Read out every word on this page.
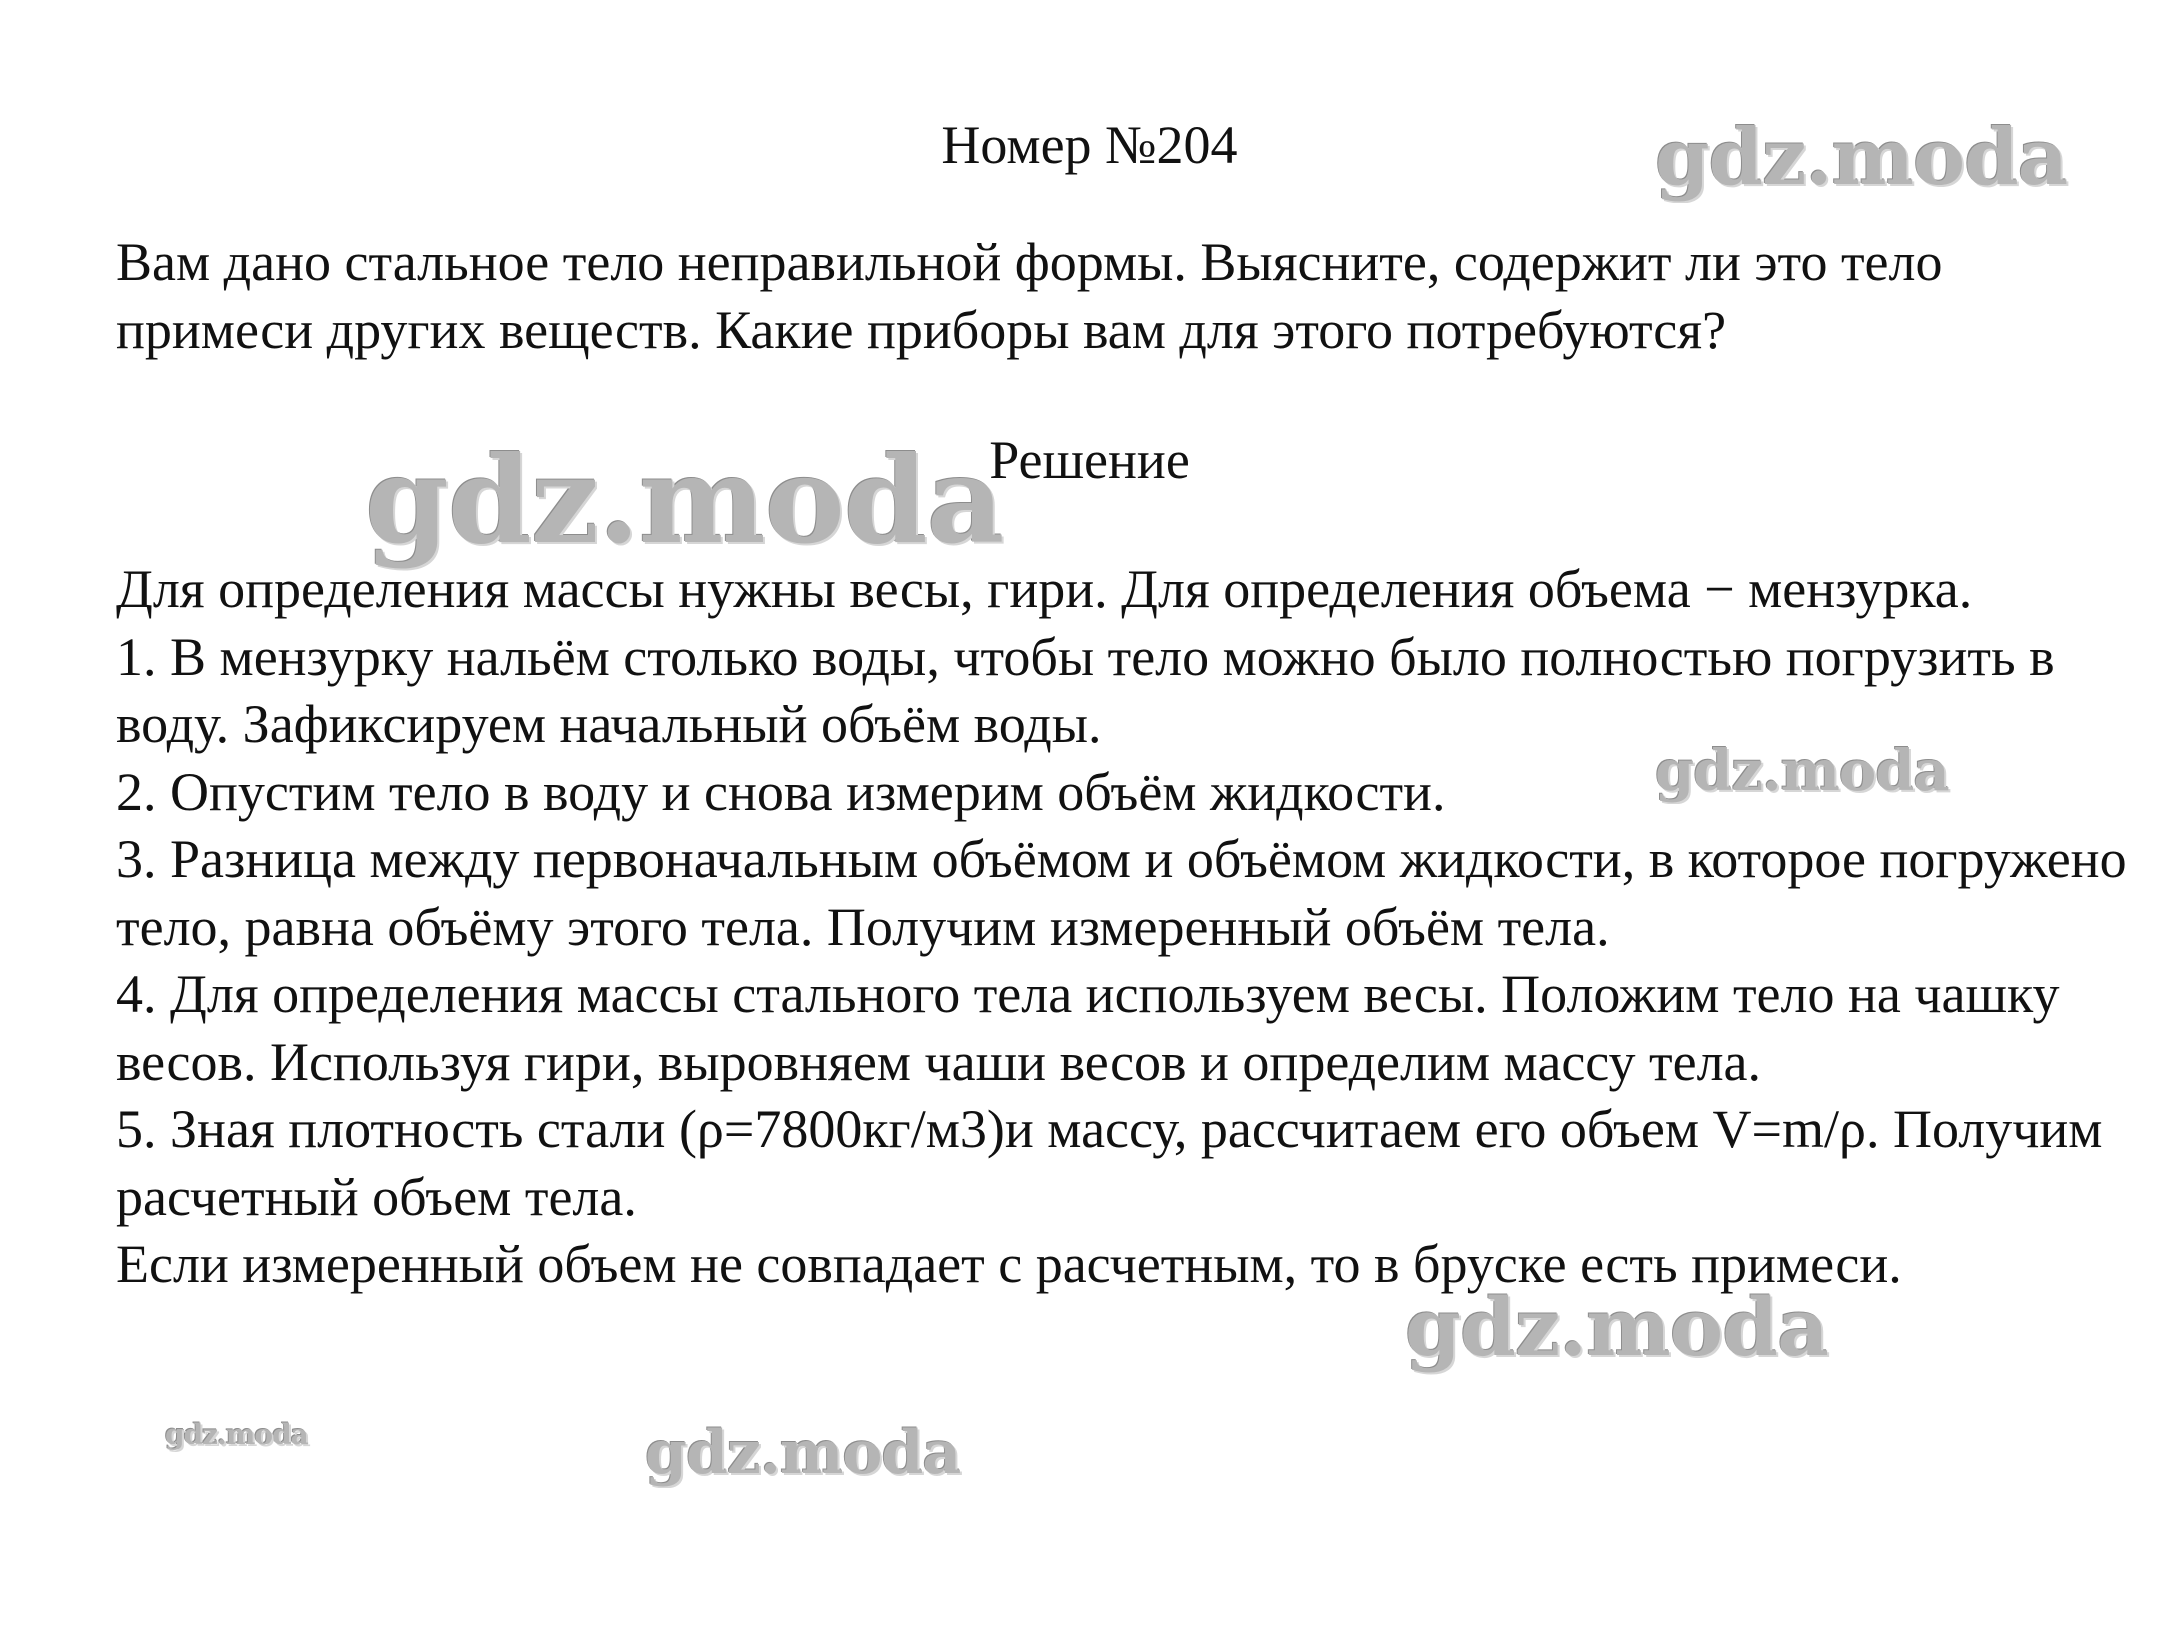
Номер №204

Вам дано стальное тело неправильной формы. Выясните, содержит ли это тело примеси других веществ. Какие приборы вам для этого потребуются?

Решение

Для определения массы нужны весы, гири. Для определения объема − мензурка.

1. В мензурку нальём столько воды, чтобы тело можно было полностью погрузить в воду. Зафиксируем начальный объём воды.

2. Опустим тело в воду и снова измерим объём жидкости.

3. Разница между первоначальным объёмом и объёмом жидкости, в которое погружено тело, равна объёму этого тела. Получим измеренный объём тела.

4. Для определения массы стального тела используем весы. Положим тело на чашку весов. Используя гири, выровняем чаши весов и определим массу тела.

5. Зная плотность стали (ρ=7800кг/м3)и массу, рассчитаем его объем V=m/ρ. Получим расчетный объем тела.

Если измеренный объем не совпадает с расчетным, то в бруске есть примеси.

gdz.moda
gdz.moda
gdz.moda
gdz.moda
gdz.moda	gdz.moda
